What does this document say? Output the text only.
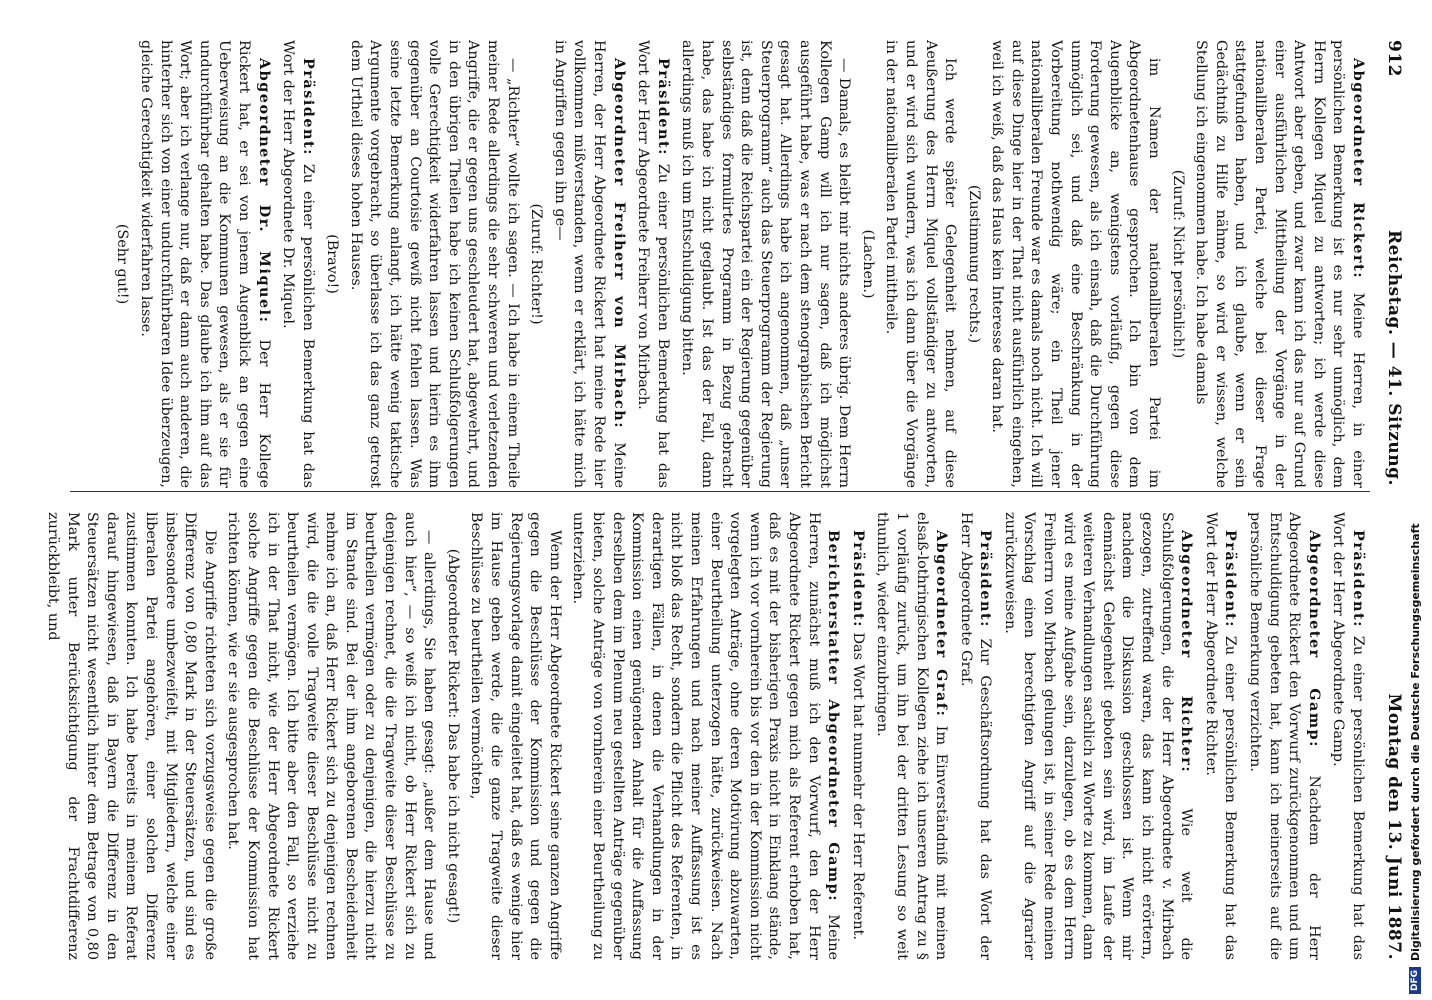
912
Reichstag. — 41. Sitzung.
Montag den 13. Juni 1887.

Abgeordneter Rickert: Meine Herren, in einer persönlichen Bemerkung ist es nur sehr unmöglich, dem Herrn Kollegen Miquel zu antworten; ich werde diese Antwort aber geben, und zwar kann ich das nur auf Grund einer ausführlichen Mittheilung der Vorgänge in der nationalliberalen Partei, welche bei dieser Frage stattgefunden haben, und ich glaube, wenn er sein Gedächtniß zu Hilfe nähme, so wird er wissen, welche Stellung ich eingenommen habe. Ich habe damals

(Zuruf: Nicht persönlich!)

im Namen der nationalliberalen Partei im Abgeordnetenhause gesprochen. Ich bin von dem Augenblicke an, wenigstens vorläufig, gegen diese Forderung gewesen, als ich einsah, daß die Durchführung unmöglich sei, und daß eine Beschränkung in der Vorbereitung nothwendig wäre; ein Theil jener nationalliberalen Freunde war es damals noch nicht. Ich will auf diese Dinge hier in der That nicht ausführlich eingehen, weil ich weiß, daß das Haus kein Interesse daran hat.

(Zustimmung rechts.)

Ich werde später Gelegenheit nehmen, auf diese Aeußerung des Herrn Miquel vollständiger zu antworten, und er wird sich wundern, was ich dann über die Vorgänge in der nationalliberalen Partei mittheile.

(Lachen.)

— Damals, es bleibt mir nichts anderes übrig. Dem Herrn Kollegen Gamp will ich nur sagen, daß ich möglichst ausgeführt habe, was er nach dem stenographischen Bericht gesagt hat. Allerdings habe ich angenommen, daß „unser Steuerprogramm“ auch das Steuerprogramm der Regierung ist, denn daß die Reichspartei ein der Regierung gegenüber selbständiges formulirtes Programm in Bezug gebracht habe, das habe ich nicht geglaubt. Ist das der Fall, dann allerdings muß ich um Entschuldigung bitten.

Präsident: Zu einer persönlichen Bemerkung hat das Wort der Herr Abgeordnete Freiherr von Mirbach.

Abgeordneter Freiherr von Mirbach: Meine Herren, der Herr Abgeordnete Rickert hat meine Rede hier vollkommen mißverstanden, wenn er erklärt, ich hätte mich in Angriffen gegen ihn ge—

(Zuruf: Richter!)

— „Richter“ wollte ich sagen. — Ich habe in einem Theile meiner Rede allerdings die sehr schweren und verletzenden Angriffe, die er gegen uns geschleudert hat, abgewehrt, und in den übrigen Theilen habe ich keinen Schlußfolgerungen volle Gerechtigkeit widerfahren lassen und hierin es ihm gegenüber an Courtoisie gewiß nicht fehlen lassen. Was seine letzte Bemerkung anlangt, ich hätte wenig taktische Argumente vorgebracht, so überlasse ich das ganz getrost dem Urtheil dieses hohen Hauses.

(Bravo!)

Präsident: Zu einer persönlichen Bemerkung hat das Wort der Herr Abgeordnete Dr. Miquel.

Abgeordneter Dr. Miquel: Der Herr Kollege Rickert hat, er sei von jenem Augenblick an gegen eine Ueberweisung an die Kommunen gewesen, als er sie für undurchführbar gehalten habe. Das glaube ich ihm auf das Wort; aber ich verlange nur, daß er dann auch anderen, die hinterher sich von einer undurchführbaren Idee überzeugen, gleiche Gerechtigkeit widerfahren lasse.

(Sehr gut!)

Präsident: Zu einer persönlichen Bemerkung hat das Wort der Herr Abgeordnete Gamp.

Abgeordneter Gamp: Nachdem der Herr Abgeordnete Rickert den Vorwurf zurückgenommen und um Entschuldigung gebeten hat, kann ich meinerseits auf die persönliche Bemerkung verzichten.

Präsident: Zu einer persönlichen Bemerkung hat das Wort der Herr Abgeordnete Richter.

Abgeordneter Richter: Wie weit die Schlußfolgerungen, die der Herr Abgeordnete v. Mirbach gezogen, zutreffend waren, das kann ich nicht erörtern, nachdem die Diskussion geschlossen ist. Wenn mir demnächst Gelegenheit geboten sein wird, im Laufe der weiteren Verhandlungen sachlich zu Worte zu kommen, dann wird es meine Aufgabe sein, darzulegen, ob es dem Herrn Freiherrn von Mirbach gelungen ist, in seiner Rede meinen Vorschlag einen berechtigten Angriff auf die Agrarier zurückzuweisen.

Präsident: Zur Geschäftsordnung hat das Wort der Herr Abgeordnete Graf.

Abgeordneter Graf: Im Einverständniß mit meinen elsaß-lothringischen Kollegen ziehe ich unseren Antrag zu § 1 vorläufig zurück, um ihn bei der dritten Lesung so weit thunlich, wieder einzubringen.

Präsident: Das Wort hat nunmehr der Herr Referent.

Berichterstatter Abgeordneter Gamp: Meine Herren, zunächst muß ich den Vorwurf, den der Herr Abgeordnete Rickert gegen mich als Referent erhoben hat, daß es mit der bisherigen Praxis nicht in Einklang stände, wenn ich vor vornherein bis vor den in der Kommission nicht vorgelegten Anträge, ohne deren Motivirung abzuwarten, einer Beurtheilung unterzogen hätte, zurückweisen. Nach meinen Erfahrungen und nach meiner Auffassung ist es nicht bloß das Recht, sondern die Pflicht des Referenten, in derartigen Fällen, in denen die Verhandlungen in der Kommission einen genügenden Anhalt für die Auffassung derselben dem im Plenum neu gestellten Anträge gegenüber bieten, solche Anträge von vornherein einer Beurtheilung zu unterziehen.

Wenn der Herr Abgeordnete Rickert seine ganzen Angriffe gegen die Beschlüsse der Kommission und gegen die Regierungsvorlage damit eingeleitet hat, daß es wenige hier im Hause geben werde, die die ganze Tragweite dieser Beschlüsse zu beurtheilen vermöchten,

(Abgeordneter Rickert: Das habe ich nicht gesagt!)

— allerdings, Sie haben gesagt: „außer dem Hause und auch hier“, — so weiß ich nicht, ob Herr Rickert sich zu denjenigen rechnet, die die Tragweite dieser Beschlüsse zu beurtheilen vermögen oder zu denjenigen, die hierzu nicht im Stande sind. Bei der ihm angeborenen Bescheidenheit nehme ich an, daß Herr Rickert sich zu denjenigen rechnen wird, die die volle Tragweite dieser Beschlüsse nicht zu beurtheilen vermögen. Ich bitte aber den Fall, so verziehe ich in der That nicht, wie der Herr Abgeordnete Rickert solche Angriffe gegen die Beschlüsse der Kommission hat richten können, wie er sie ausgesprochen hat.

Die Angriffe richteten sich vorzugsweise gegen die große Differenz von 0,80 Mark in der Steuersätzen, und sind es insbesondere umbezweifelt, mit Mitgliedern, welche einer liberalen Partei angehören, einer solchen Differenz zustimmen konnten. Ich habe bereits in meinem Referat darauf hingewiesen, daß in Bayern die Differenz in den Steuersätzen nicht wesentlich hinter dem Betrage von 0,80 Mark unter Berücksichtigung der Frachtdifferenz zurückbleibt, und

DFG
Digitalisierung gefördert durch die Deutsche Forschungsgemeinschaft
